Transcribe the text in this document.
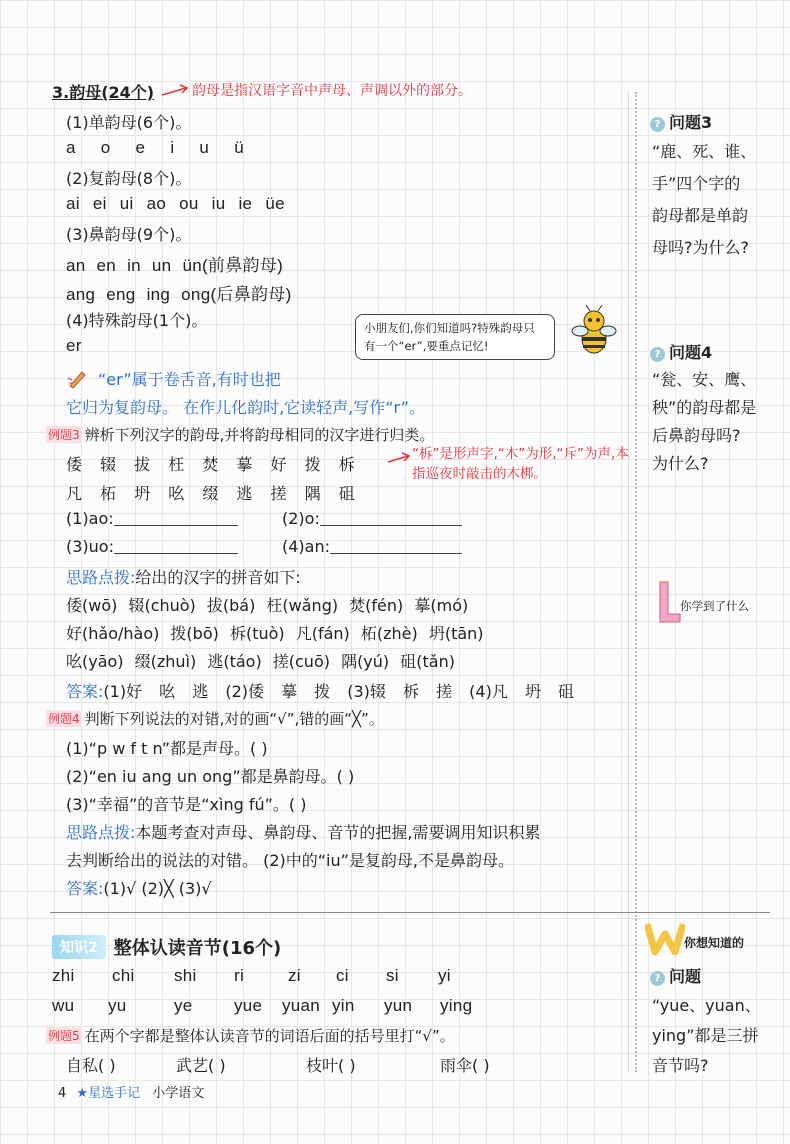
3.韵母(24个)	韵母是指汉语字音中声母、声调以外的部分。
(1)单韵母(6个)。
a o e i u ü
(2)复韵母(8个)。
ai ei ui ao ou iu ie üe
(3)鼻韵母(9个)。
an en in un ün(前鼻韵母)
ang eng ing ong(后鼻韵母)
(4)特殊韵母(1个)。
er
小朋友们,你们知道吗?特殊韵母只有一个“er”,要重点记忆!
“er”属于卷舌音,有时也把
它归为复韵母。 在作儿化韵时,它读轻声,写作“r”。
例题3 辨析下列汉字的韵母,并将韵母相同的汉字进行归类。
倭 辍 拔 枉 焚 摹 好 拨 柝
凡 柘 坍 吆 缀 逃 搓 隅 砠
“柝”是形声字,“木”为形,“斥”为声,本指巡夜时敲击的木梆。
(1)ao:	(2)o:
(3)uo:	(4)an:
思路点拨:给出的汉字的拼音如下:
倭(wō) 辍(chuò) 拔(bá) 枉(wǎng) 焚(fén) 摹(mó)
好(hǎo/hào) 拨(bō) 柝(tuò) 凡(fán) 柘(zhè) 坍(tān)
吆(yāo) 缀(zhuì) 逃(táo) 搓(cuō) 隅(yú) 砠(tǎn)
答案:(1)好 吆 逃 (2)倭 摹 拨 (3)辍 柝 搓 (4)凡 坍 砠
例题4 判断下列说法的对错,对的画“√”,错的画“╳”。
(1)“p w f t n”都是声母。( )
(2)“en iu ang un ong”都是鼻韵母。( )
(3)“幸福”的音节是“xìng fú”。( )
思路点拨:本题考查对声母、鼻韵母、音节的把握,需要调用知识积累
去判断给出的说法的对错。 (2)中的“iu”是复韵母,不是鼻韵母。
答案:(1)√ (2)╳ (3)√
知识2 整体认读音节(16个)
zhi chi shi ri	zi ci si yi
wu yu	ye yue yuan yin yun ying
例题5 在两个字都是整体认读音节的词语后面的括号里打“√”。
自私( )	武艺( )	枝叶( )	雨伞( )
? 问题3
“鹿、死、谁、
手”四个字的
韵母都是单韵
母吗?为什么?
? 问题4
“瓮、安、鹰、
秧”的韵母都是
后鼻韵母吗?
为什么?
你学到了什么
你想知道的
? 问题
“yue、yuan、
ying”都是三拼
音节吗?
4 ★星选手记 小学语文
